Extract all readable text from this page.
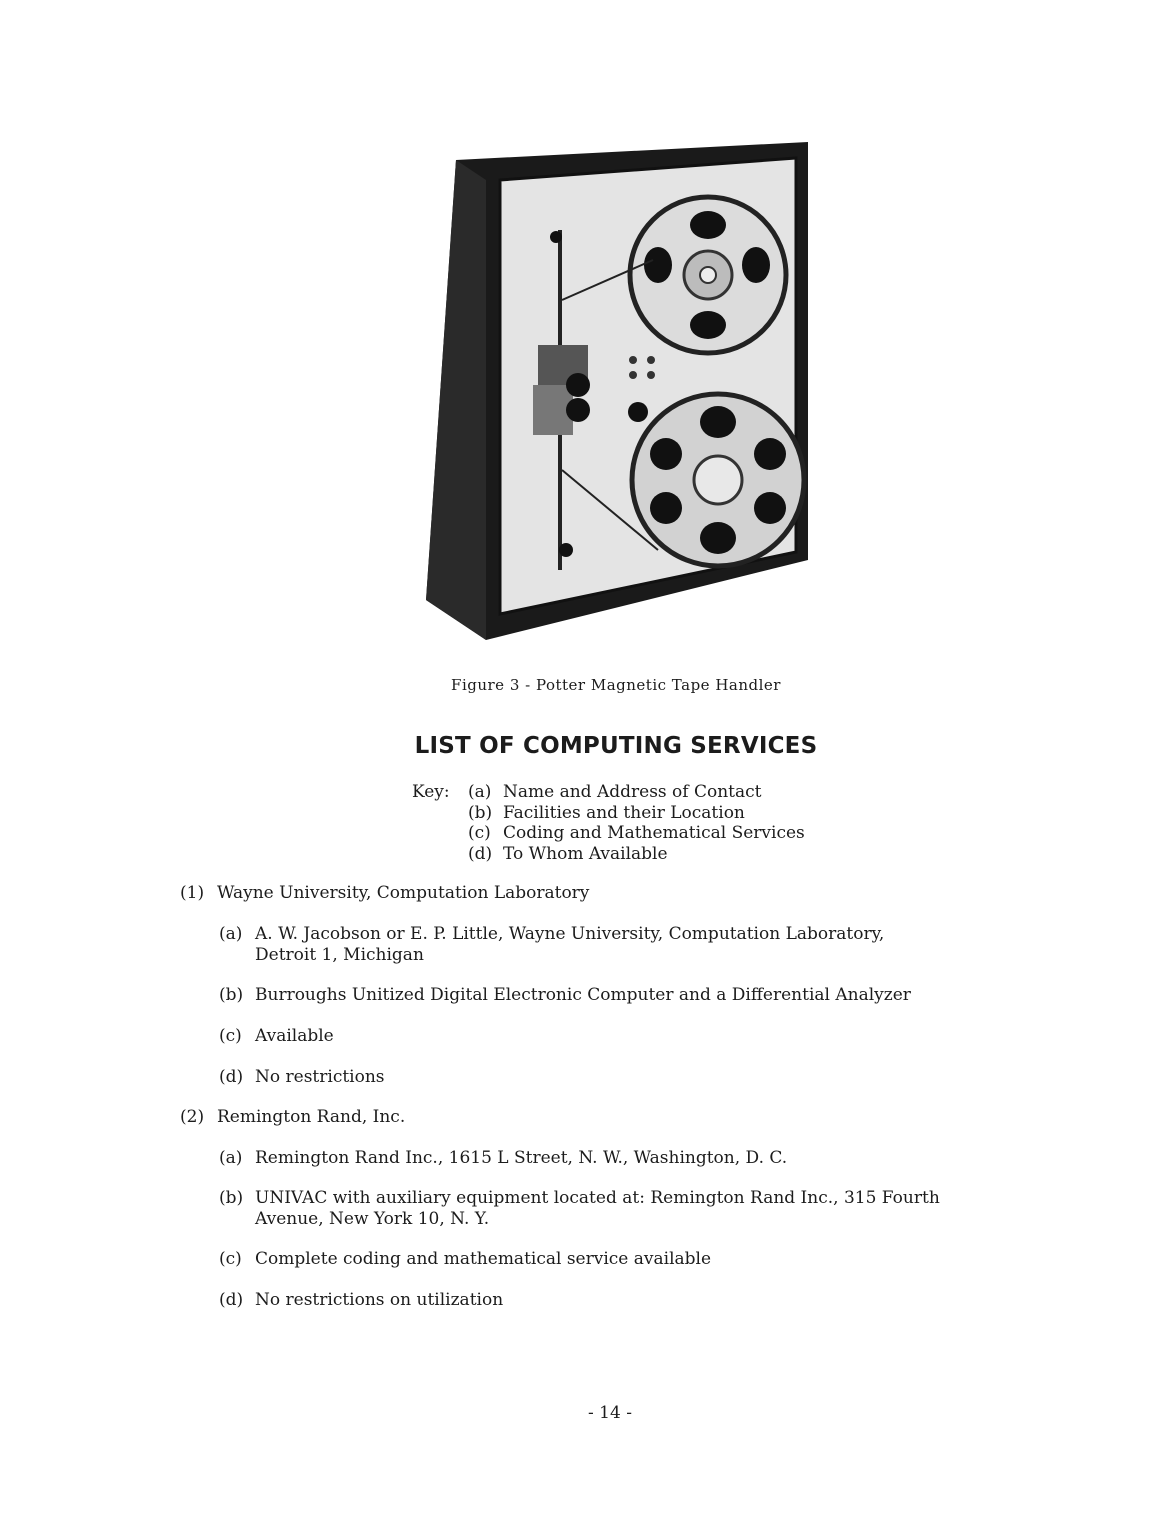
Figure 3 - Potter Magnetic Tape Handler
LIST OF COMPUTING SERVICES
Key:	(a) Name and Address of Contact
(b) Facilities and their Location
(c) Coding and Mathematical Services
(d) To Whom Available
(1) Wayne University, Computation Laboratory
(a) A. W. Jacobson or E. P. Little, Wayne University, Computation Laboratory,
Detroit 1, Michigan
(b) Burroughs Unitized Digital Electronic Computer and a Differential Analyzer
(c) Available
(d) No restrictions
(2) Remington Rand, Inc.
(a) Remington Rand Inc., 1615 L Street, N. W., Washington, D. C.
(b) UNIVAC with auxiliary equipment located at: Remington Rand Inc., 315 Fourth
Avenue, New York 10, N. Y.
(c) Complete coding and mathematical service available
(d) No restrictions on utilization
- 14 -
